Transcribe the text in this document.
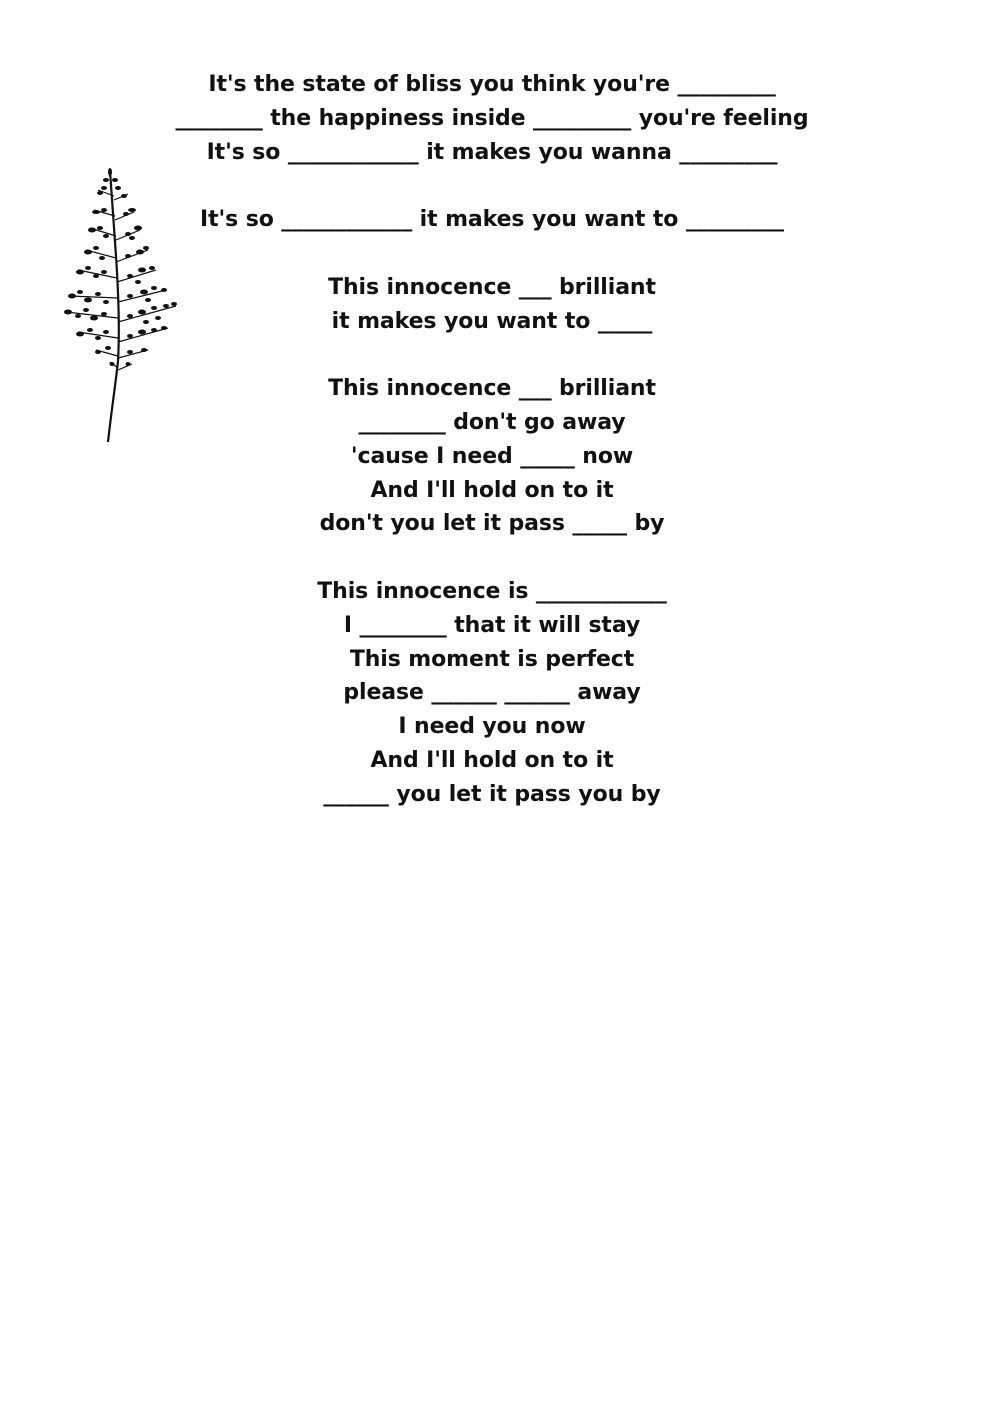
It's the state of bliss you think you're _________
________ the happiness inside _________ you're feeling
It's so ____________ it makes you wanna _________
It's so ____________ it makes you want to _________
This innocence ___ brilliant
it makes you want to _____
This innocence ___ brilliant
________ don't go away
'cause I need _____ now
And I'll hold on to it
don't you let it pass _____ by
This innocence is ____________
I ________ that it will stay
This moment is perfect
please ______ ______ away
I need you now
And I'll hold on to it
______ you let it pass you by
